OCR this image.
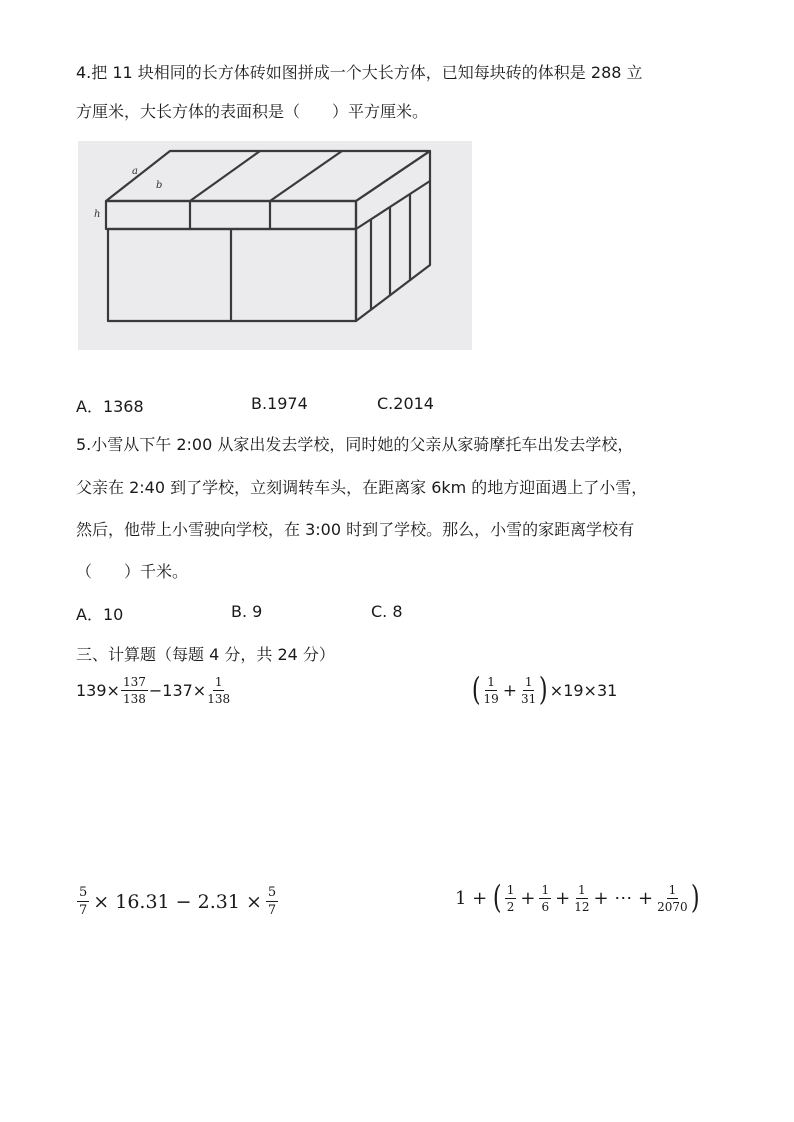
4.把 11 块相同的长方体砖如图拼成一个大长方体，已知每块砖的体积是 288 立
方厘米，大长方体的表面积是（　　）平方厘米。
a
b
h
A．1368	B.1974	C.2014
5.小雪从下午 2:00 从家出发去学校，同时她的父亲从家骑摩托车出发去学校，
父亲在 2:40 到了学校，立刻调转车头，在距离家 6km 的地方迎面遇上了小雪，
然后，他带上小雪驶向学校，在 3:00 时到了学校。那么，小雪的家距离学校有
（　　）千米。
A．10	B. 9	C. 8
三、计算题（每题 4 分，共 24 分）
$139\times \frac{137}{138} -137\times \frac{1}{138}$	( $\frac{1}{19} + \frac{1}{31}$ ) ×19×31
$\frac{5}{7} \times 16.31 - 2.31 \times \frac{5}{7}$	1 + ( $\frac{1}{2} + \frac{1}{6} + \frac{1}{12}$ + ⋯ + $\frac{1}{2070}$ )
